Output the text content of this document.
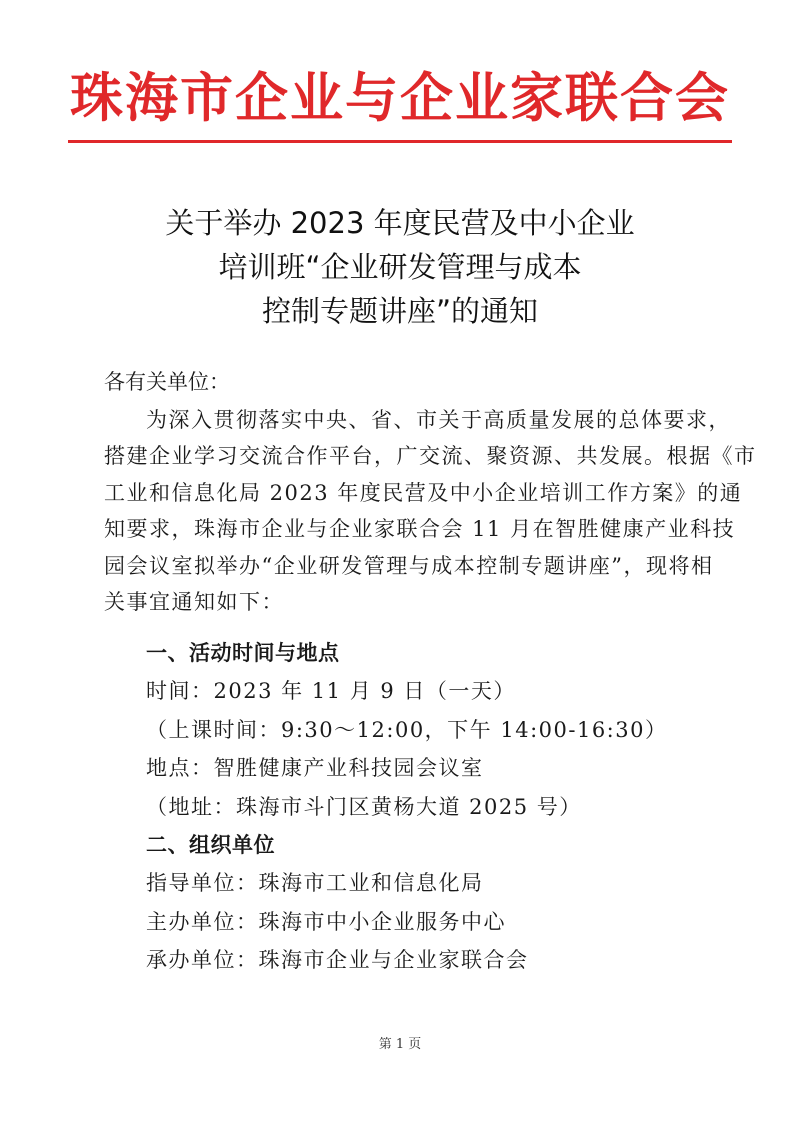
珠海市企业与企业家联合会
关于举办 2023 年度民营及中小企业
培训班“企业研发管理与成本
控制专题讲座”的通知
各有关单位：
为深入贯彻落实中央、省、市关于高质量发展的总体要求，
搭建企业学习交流合作平台，广交流、聚资源、共发展。根据《市
工业和信息化局 2023 年度民营及中小企业培训工作方案》的通
知要求，珠海市企业与企业家联合会 11 月在智胜健康产业科技
园会议室拟举办“企业研发管理与成本控制专题讲座”，现将相
关事宜通知如下：
一、活动时间与地点
时间：2023 年 11 月 9 日（一天）
（上课时间：9:30～12:00，下午 14:00-16:30）
地点：智胜健康产业科技园会议室
（地址：珠海市斗门区黄杨大道 2025 号）
二、组织单位
指导单位：珠海市工业和信息化局
主办单位：珠海市中小企业服务中心
承办单位：珠海市企业与企业家联合会
第 1 页
